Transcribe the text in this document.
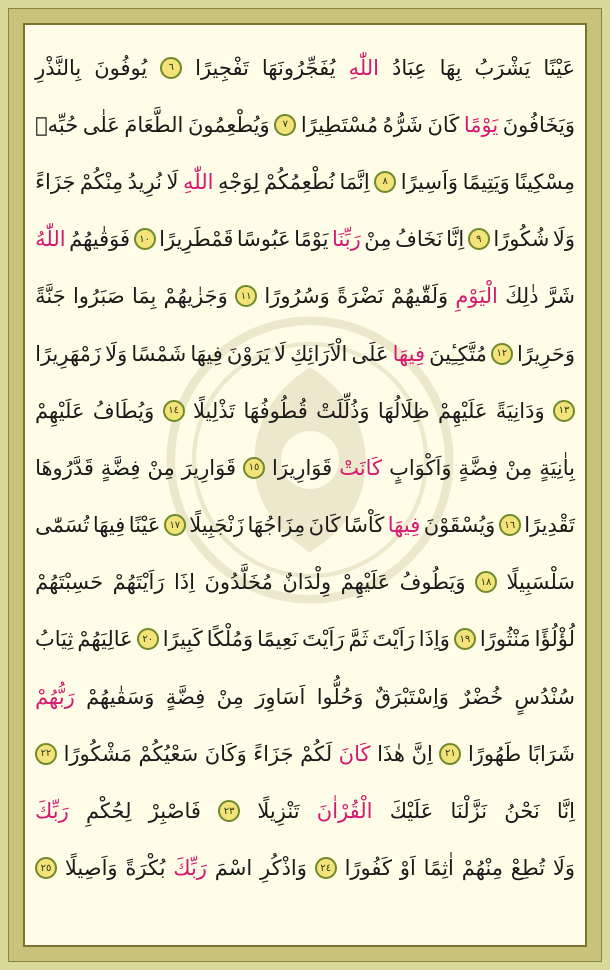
عَيْنًا
يَشْرَبُ
بِهَا
عِبَادُ
اللّٰهِ
يُفَجِّرُونَهَا
تَفْجِيرًا
٦
يُوفُونَ
بِالنَّذْرِ
وَيَخَافُونَ
يَوْمًا
كَانَ
شَرُّهُ
مُسْتَطِيرًا
٧
وَيُطْعِمُونَ
الطَّعَامَ
عَلٰى
حُبِّهٖ
مِسْكِينًا
وَيَتِيمًا
وَاَسِيرًا
٨
اِنَّمَا
نُطْعِمُكُمْ
لِوَجْهِ
اللّٰهِ
لَا
نُرِيدُ
مِنْكُمْ
جَزَاءً
وَلَا
شُكُورًا
٩
اِنَّا
نَخَافُ
مِنْ
رَبِّنَا
يَوْمًا
عَبُوسًا
قَمْطَرِيرًا
١٠
فَوَقٰيهُمُ
اللّٰهُ
شَرَّ
ذٰلِكَ
الْيَوْمِ
وَلَقّٰيهُمْ
نَضْرَةً
وَسُرُورًا
١١
وَجَزٰيهُمْ
بِمَا
صَبَرُوا
جَنَّةً
وَحَرِيرًا
١٢
مُتَّكِـِٔينَ
فِيهَا
عَلَى
الْاَرَائِكِ
لَا
يَرَوْنَ
فِيهَا
شَمْسًا
وَلَا
زَمْهَرِيرًا
١٣
وَدَانِيَةً
عَلَيْهِمْ
ظِلَالُهَا
وَذُلِّلَتْ
قُطُوفُهَا
تَذْلِيلًا
١٤
وَيُطَافُ
عَلَيْهِمْ
بِاٰنِيَةٍ
مِنْ
فِضَّةٍ
وَاَكْوَابٍ
كَانَتْ
قَوَارِيرَا
١٥
قَوَارِيرَ
مِنْ
فِضَّةٍ
قَدَّرُوهَا
تَقْدِيرًا
١٦
وَيُسْقَوْنَ
فِيهَا
كَاْسًا
كَانَ
مِزَاجُهَا
زَنْجَبِيلًا
١٧
عَيْنًا
فِيهَا
تُسَمّٰى
سَلْسَبِيلًا
١٨
وَيَطُوفُ
عَلَيْهِمْ
وِلْدَانٌ
مُخَلَّدُونَ
اِذَا
رَاَيْتَهُمْ
حَسِبْتَهُمْ
لُؤْلُؤًا
مَنْثُورًا
١٩
وَاِذَا
رَاَيْتَ
ثَمَّ
رَاَيْتَ
نَعِيمًا
وَمُلْكًا
كَبِيرًا
٢٠
عَالِيَهُمْ
ثِيَابُ
سُنْدُسٍ
خُضْرٌ
وَاِسْتَبْرَقٌ
وَحُلُّوا
اَسَاوِرَ
مِنْ
فِضَّةٍ
وَسَقٰيهُمْ
رَبُّهُمْ
شَرَابًا
طَهُورًا
٢١
اِنَّ
هٰذَا
كَانَ
لَكُمْ
جَزَاءً
وَكَانَ
سَعْيُكُمْ
مَشْكُورًا
٢٢
اِنَّا
نَحْنُ
نَزَّلْنَا
عَلَيْكَ
الْقُرْاٰنَ
تَنْزِيلًا
٢٣
فَاصْبِرْ
لِحُكْمِ
رَبِّكَ
وَلَا
تُطِعْ
مِنْهُمْ
اٰثِمًا
اَوْ
كَفُورًا
٢٤
وَاذْكُرِ
اسْمَ
رَبِّكَ
بُكْرَةً
وَاَصِيلًا
٢٥
